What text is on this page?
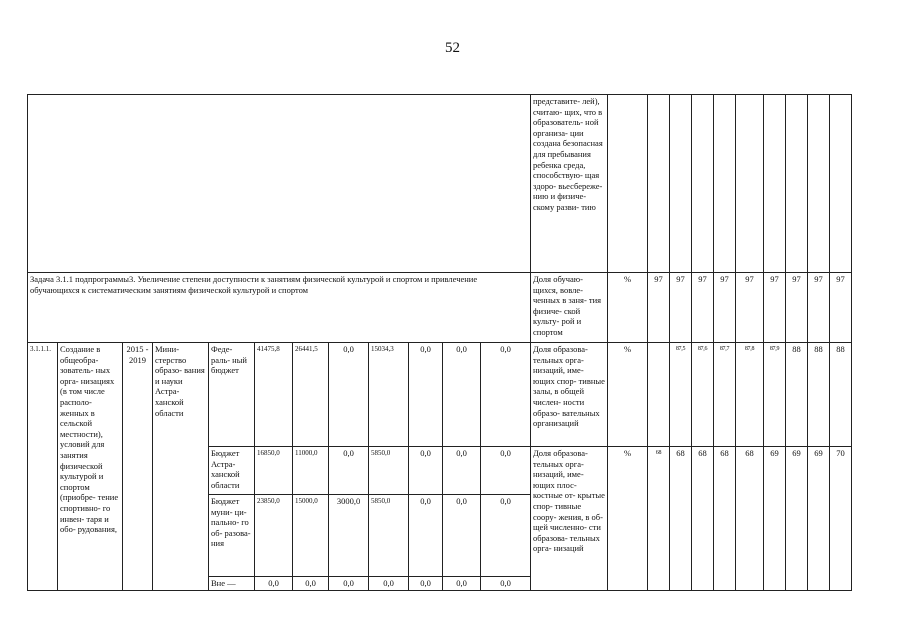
52
												представите- лей), считаю- щих, что в образователь- ной организа- ции создана безопасная для пребывания ребенка среда, способствую- щая здоро- вьесбереже- нию и физиче- скому разви- тию										
Задача 3.1.1 подпрограммы3. Увеличение степени доступности к занятиям физической культурой и спортом и привлечение обучающихся к систематическим занятиям физической культурой и спортом												Доля обучаю- щихся, вовле- ченных в заня- тия физиче- ской культу- рой и спортом	%	97	97	97	97	97	97	97	97	97
3.1.1.1.	Создание в общеобра- зователь- ных орга- низациях (в том числе располо- женных в сельской местности), условий для занятия физической культурой и спортом (приобре- тение спортивно- го инвен- таря и обо- рудования,	2015 - 2019	Мини- стерство образо- вания и науки Астра- ханской области	Феде- раль- ный бюджет	41475,8	26441,5	0,0	15034,3	0,0	0,0	0,0	Доля образова- тельных орга- низаций, име- ющих спор- тивные залы, в общей числен- ности образо- вательных организаций	%		87,5	87,6	87,7	87,8	87,9	88	88	88
				Бюджет Астра- ханской области	16850,0	11000,0	0,0	5850,0	0,0	0,0	0,0	Доля образова- тельных орга- низаций, име- ющих плос- костные от- крытые спор- тивные соору- жения, в об- щей численно- сти образова- тельных орга- низаций	%	68	68	68	68	68	69	69	69	70
				Бюджет муни- ци- пально- го об- разова- ния	23850,0	15000,0	3000,0	5850,0	0,0	0,0	0,0											
				Вне —	0,0	0,0	0,0	0,0	0,0	0,0	0,0											
